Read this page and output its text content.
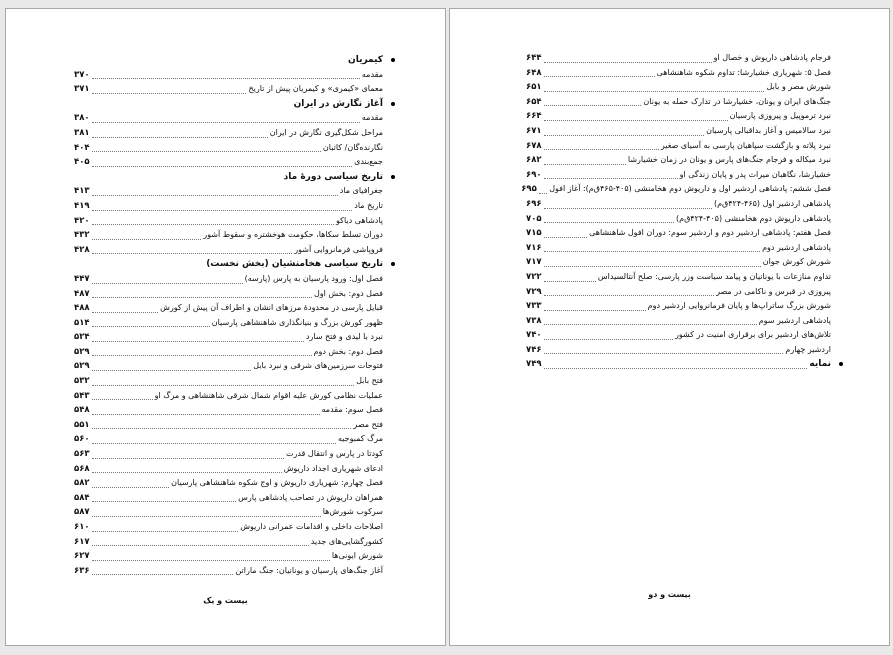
کیمریان
مقدمه
۳۷۰
معمای «کیمری» و کیمریان پیش از تاریخ
۳۷۱
آغاز نگارش در ایران
مقدمه
۳۸۰
مراحل شکل‌گیری نگارش در ایران
۳۸۱
نگارنده‌گان/ کاتبان
۴۰۴
جمع‌بندی
۴۰۵
تاریخ سیاسی دورهٔ ماد
جغرافیای ماد
۴۱۳
تاریخ ماد
۴۱۹
پادشاهی دیاکو
۴۲۰
دوران تسلط سکاها، حکومت هوخشتره و سقوط آشور
۴۳۲
فروپاشی فرمانروایی آشور
۴۲۸
تاریخ سیاسی هخامنشیان (بخش نخست)
فصل اول: ورود پارسیان به پارس (پارسه)
۴۴۷
فصل دوم: بخش اول
۴۸۷
قبایل پارسی در محدودهٔ مرزهای انشان و اطراف آن پیش از کورش
۴۸۸
ظهور کورش بزرگ و بنیانگذاری شاهنشاهی پارسیان
۵۱۴
نبرد با لیدی و فتح سارد
۵۲۴
فصل دوم: بخش دوم
۵۲۹
فتوحات سرزمین‌های شرقی و نبرد بابل
۵۲۹
فتح بابل
۵۳۲
عملیات نظامی کورش علیه اقوام شمال شرقی شاهنشاهی و مرگ او
۵۴۳
فصل سوم: مقدمه
۵۴۸
فتح مصر
۵۵۱
مرگ کمبوجیه
۵۶۰
کودتا در پارس و انتقال قدرت
۵۶۳
ادعای شهریاری اجداد داریوش
۵۶۸
فصل چهارم: شهریاری داریوش و اوج شکوه شاهنشاهی پارسیان
۵۸۲
همراهان داریوش در تصاحب پادشاهی پارس
۵۸۴
سرکوب شورش‌ها
۵۸۷
اصلاحات داخلی و اقدامات عمرانی داریوش
۶۱۰
کشورگشایی‌های جدید
۶۱۷
شورش ایونی‌ها
۶۲۷
آغاز جنگ‌های پارسیان و یونانیان: جنگ ماراتن
۶۳۶
بیست و یک
فرجام پادشاهی داریوش و خصال او
۶۴۴
فصل ۵: شهریاری خشیارشا: تداوم شکوه شاهنشاهی
۶۴۸
شورش مصر و بابل
۶۵۱
جنگ‌های ایران و یونان، خشیارشا در تدارک حمله به یونان
۶۵۴
نبرد ترموپیل و پیروزی پارسیان
۶۶۴
نبرد سالامیس و آغاز بداقبالی پارسیان
۶۷۱
نبرد پلاته و بازگشت سپاهیان پارسی به آسیای صغیر
۶۷۸
نبرد میکاله و فرجام جنگ‌های پارس و یونان در زمان خشیارشا
۶۸۲
خشیارشا، نگاهبان میراث پدر و پایان زندگی او
۶۹۰
فصل ششم: پادشاهی اردشیر اول و داریوش دوم هخامنشی (۴۰۵-۴۶۵ق‌م): آغاز افول
۶۹۵
پادشاهی اردشیر اول (۴۶۵-۴۲۴ق‌م)
۶۹۶
پادشاهی داریوش دوم هخامنشی (۴۰۵-۴۲۴ق‌م)
۷۰۵
فصل هفتم: پادشاهی اردشیر دوم و اردشیر سوم: دوران افول شاهنشاهی
۷۱۵
پادشاهی اردشیر دوم
۷۱۶
شورش کورش جوان
۷۱۷
تداوم منازعات با یونانیان و پیامد سیاست وزر پارسی: صلح آنتالسیداس
۷۲۲
پیروزی در قبرس و ناکامی در مصر
۷۲۹
شورش بزرگ ساتراپ‌ها و پایان فرمانروایی اردشیر دوم
۷۳۳
پادشاهی اردشیر سوم
۷۳۸
تلاش‌های اردشیر برای برقراری امنیت در کشور
۷۴۰
اردشیر چهارم
۷۴۶
نمایه
۷۴۹
بیست و دو
